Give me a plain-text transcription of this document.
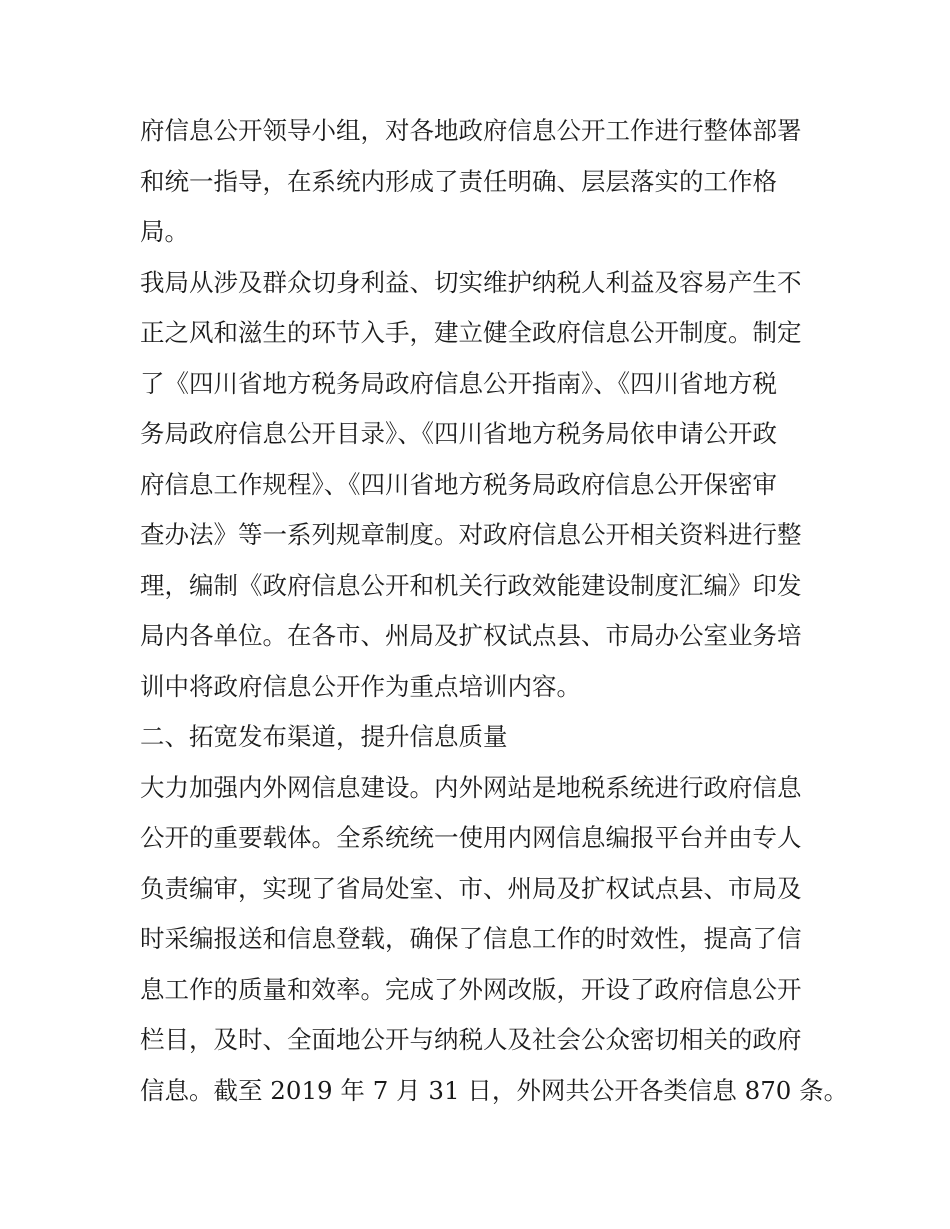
府信息公开领导小组，对各地政府信息公开工作进行整体部署
和统一指导，在系统内形成了责任明确、层层落实的工作格
局。
我局从涉及群众切身利益、切实维护纳税人利益及容易产生不
正之风和滋生的环节入手，建立健全政府信息公开制度。制定
了《四川省地方税务局政府信息公开指南》、《四川省地方税
务局政府信息公开目录》、《四川省地方税务局依申请公开政
府信息工作规程》、《四川省地方税务局政府信息公开保密审
查办法》等一系列规章制度。对政府信息公开相关资料进行整
理，编制《政府信息公开和机关行政效能建设制度汇编》印发
局内各单位。在各市、州局及扩权试点县、市局办公室业务培
训中将政府信息公开作为重点培训内容。
二、拓宽发布渠道，提升信息质量
大力加强内外网信息建设。内外网站是地税系统进行政府信息
公开的重要载体。全系统统一使用内网信息编报平台并由专人
负责编审，实现了省局处室、市、州局及扩权试点县、市局及
时采编报送和信息登载，确保了信息工作的时效性，提高了信
息工作的质量和效率。完成了外网改版，开设了政府信息公开
栏目，及时、全面地公开与纳税人及社会公众密切相关的政府
信息。截至 2019 年 7 月 31 日，外网共公开各类信息 870 条。
